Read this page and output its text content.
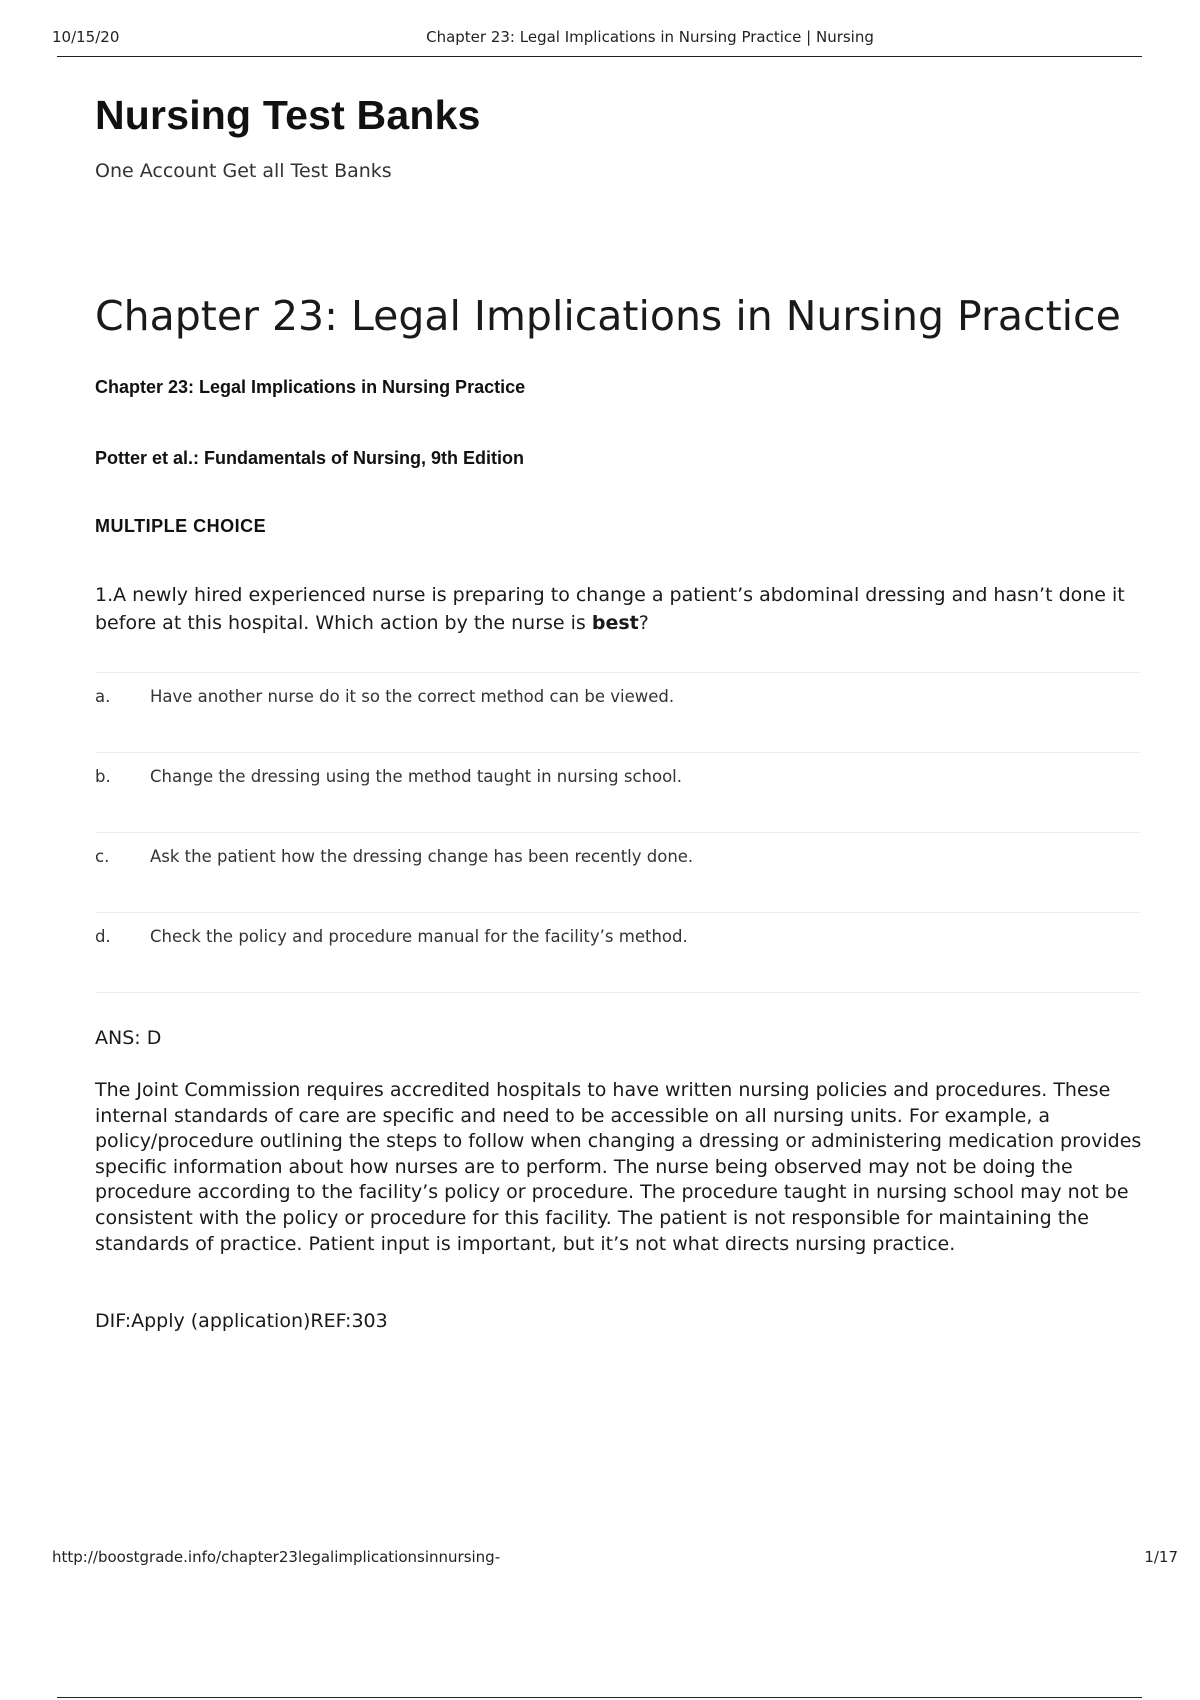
10/15/20	Chapter 23: Legal Implications in Nursing Practice | Nursing
Nursing Test Banks
One Account Get all Test Banks
Chapter 23: Legal Implications in Nursing Practice
Chapter 23: Legal Implications in Nursing Practice
Potter et al.: Fundamentals of Nursing, 9th Edition
MULTIPLE CHOICE
1.A newly hired experienced nurse is preparing to change a patient’s abdominal dressing and hasn’t done it before at this hospital. Which action by the nurse is best?
a. Have another nurse do it so the correct method can be viewed.
b. Change the dressing using the method taught in nursing school.
c. Ask the patient how the dressing change has been recently done.
d. Check the policy and procedure manual for the facility’s method.
ANS: D

The Joint Commission requires accredited hospitals to have written nursing policies and procedures. These internal standards of care are specific and need to be accessible on all nursing units. For example, a policy/procedure outlining the steps to follow when changing a dressing or administering medication provides specific information about how nurses are to perform. The nurse being observed may not be doing the procedure according to the facility’s policy or procedure. The procedure taught in nursing school may not be consistent with the policy or procedure for this facility. The patient is not responsible for maintaining the standards of practice. Patient input is important, but it’s not what directs nursing practice.

DIF:Apply (application)REF:303
http://boostgrade.info/chapter23legalimplicationsinnursing-	1/17
